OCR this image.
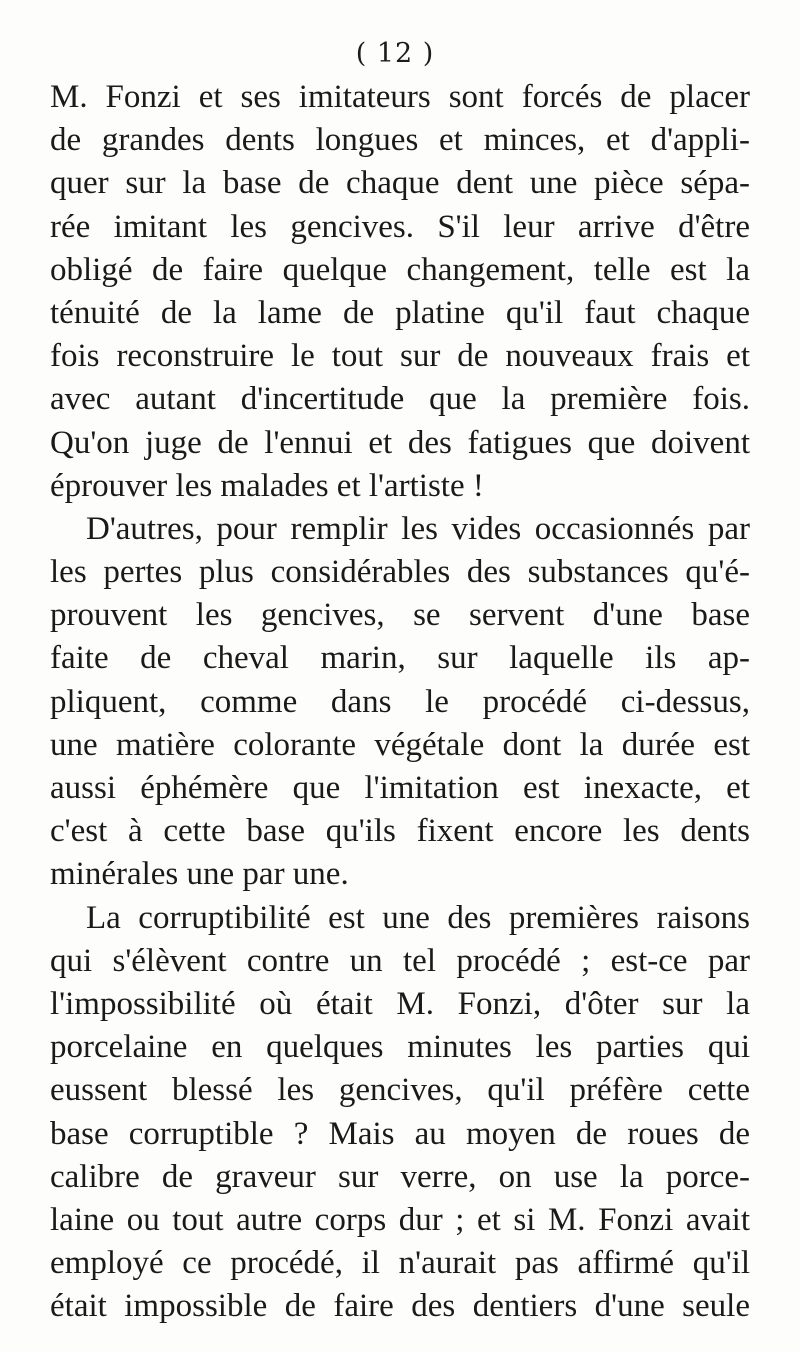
( 12 )
M. Fonzi et ses imitateurs sont forcés de placer
de grandes dents longues et minces, et d'appli-
quer sur la base de chaque dent une pièce sépa-
rée imitant les gencives. S'il leur arrive d'être
obligé de faire quelque changement, telle est la
ténuité de la lame de platine qu'il faut chaque
fois reconstruire le tout sur de nouveaux frais et
avec autant d'incertitude que la première fois.
Qu'on juge de l'ennui et des fatigues que doivent
éprouver les malades et l'artiste !
D'autres, pour remplir les vides occasionnés par
les pertes plus considérables des substances qu'é-
prouvent les gencives, se servent d'une base
faite de cheval marin, sur laquelle ils ap-
pliquent, comme dans le procédé ci-dessus,
une matière colorante végétale dont la durée est
aussi éphémère que l'imitation est inexacte, et
c'est à cette base qu'ils fixent encore les dents
minérales une par une.
La corruptibilité est une des premières raisons
qui s'élèvent contre un tel procédé ; est-ce par
l'impossibilité où était M. Fonzi, d'ôter sur la
porcelaine en quelques minutes les parties qui
eussent blessé les gencives, qu'il préfère cette
base corruptible ? Mais au moyen de roues de
calibre de graveur sur verre, on use la porce-
laine ou tout autre corps dur ; et si M. Fonzi avait
employé ce procédé, il n'aurait pas affirmé qu'il
était impossible de faire des dentiers d'une seule
